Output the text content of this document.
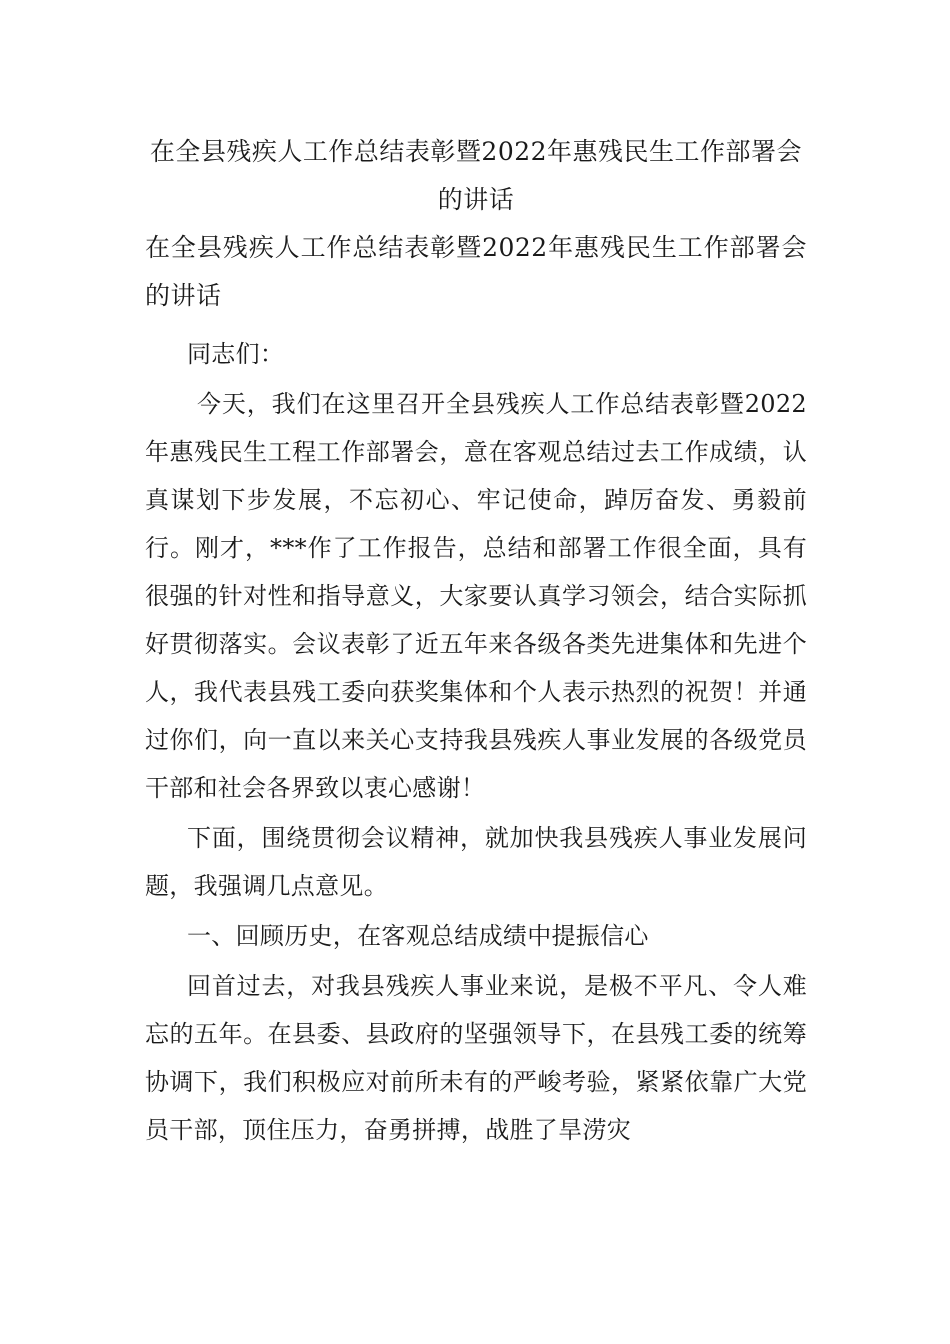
在全县残疾人工作总结表彰暨2022年惠残民生工作部署会的讲话

在全县残疾人工作总结表彰暨2022年惠残民生工作部署会的讲话

同志们：

今天，我们在这里召开全县残疾人工作总结表彰暨2022年惠残民生工程工作部署会，意在客观总结过去工作成绩，认真谋划下步发展，不忘初心、牢记使命，踔厉奋发、勇毅前行。刚才，***作了工作报告，总结和部署工作很全面，具有很强的针对性和指导意义，大家要认真学习领会，结合实际抓好贯彻落实。会议表彰了近五年来各级各类先进集体和先进个人，我代表县残工委向获奖集体和个人表示热烈的祝贺！并通过你们，向一直以来关心支持我县残疾人事业发展的各级党员干部和社会各界致以衷心感谢！

下面，围绕贯彻会议精神，就加快我县残疾人事业发展问题，我强调几点意见。

一、回顾历史，在客观总结成绩中提振信心

回首过去，对我县残疾人事业来说，是极不平凡、令人难忘的五年。在县委、县政府的坚强领导下，在县残工委的统筹协调下，我们积极应对前所未有的严峻考验，紧紧依靠广大党员干部，顶住压力，奋勇拼搏，战胜了旱涝灾
